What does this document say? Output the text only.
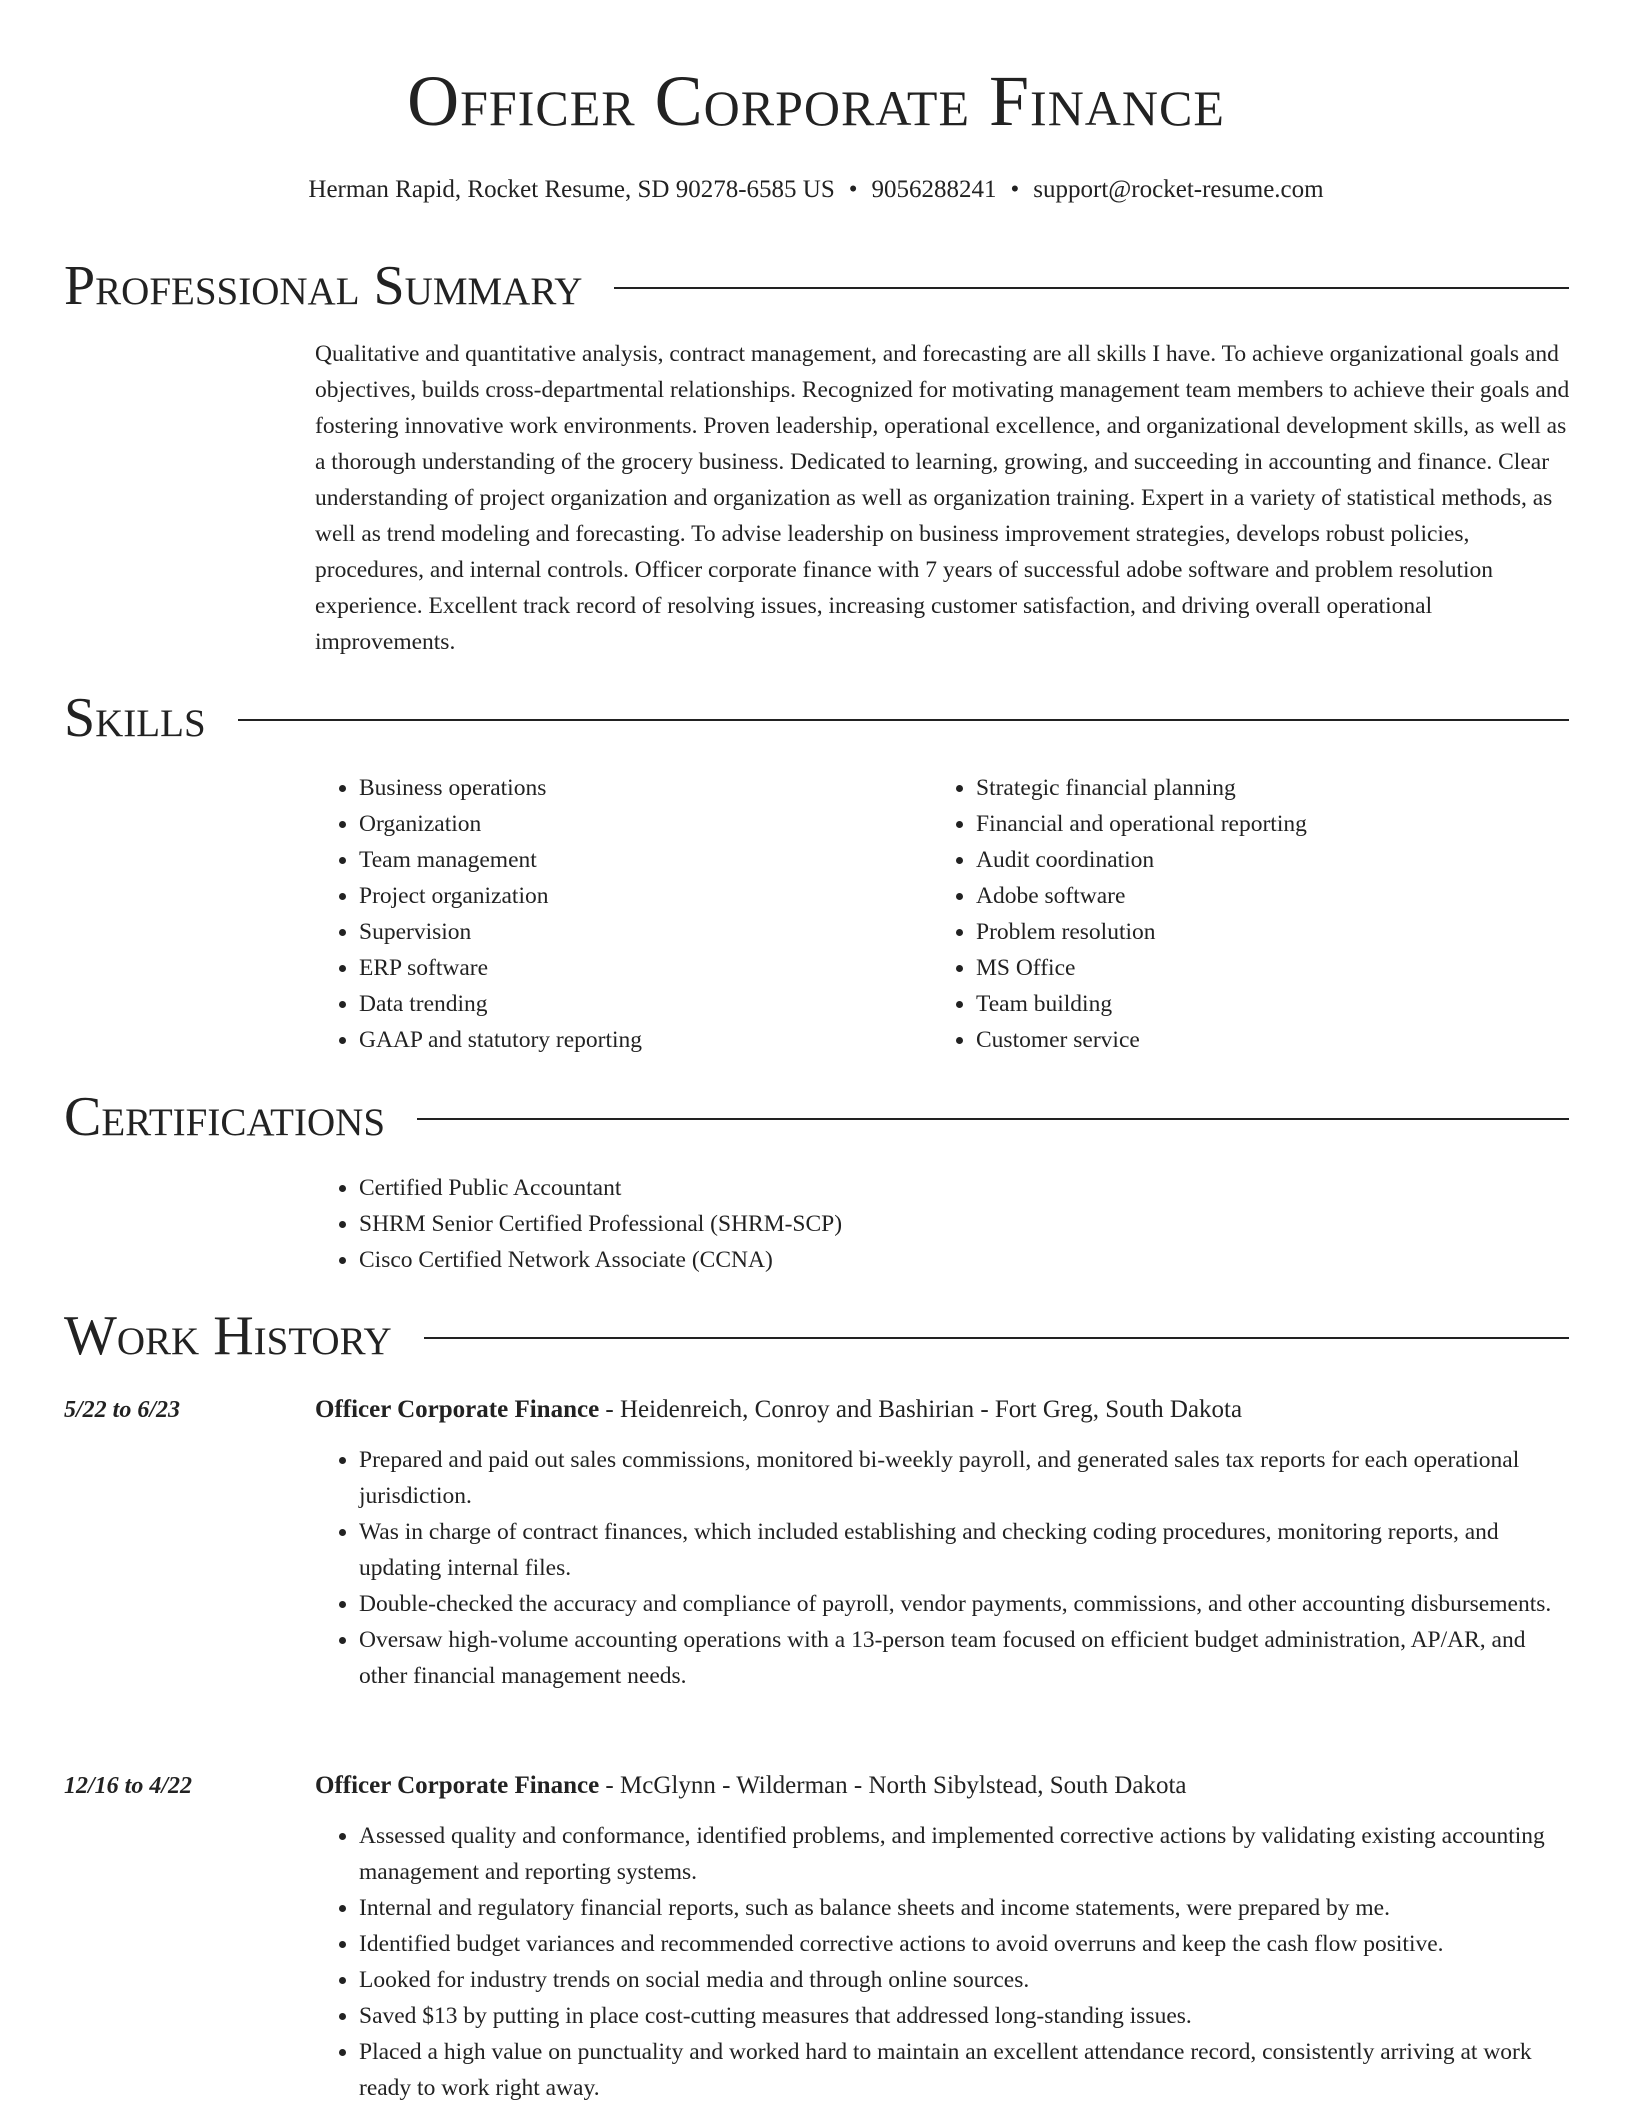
Officer Corporate Finance
Herman Rapid, Rocket Resume, SD 90278-6585 US • 9056288241 • support@rocket-resume.com
Professional Summary

Qualitative and quantitative analysis, contract management, and forecasting are all skills I have. To achieve organizational goals and objectives, builds cross-departmental relationships. Recognized for motivating management team members to achieve their goals and fostering innovative work environments. Proven leadership, operational excellence, and organizational development skills, as well as a thorough understanding of the grocery business. Dedicated to learning, growing, and succeeding in accounting and finance. Clear understanding of project organization and organization as well as organization training. Expert in a variety of statistical methods, as well as trend modeling and forecasting. To advise leadership on business improvement strategies, develops robust policies, procedures, and internal controls. Officer corporate finance with 7 years of successful adobe software and problem resolution experience. Excellent track record of resolving issues, increasing customer satisfaction, and driving overall operational improvements.

Skills
• Business operations
• Organization
• Team management
• Project organization
• Supervision
• ERP software
• Data trending
• GAAP and statutory reporting
• Strategic financial planning
• Financial and operational reporting
• Audit coordination
• Adobe software
• Problem resolution
• MS Office
• Team building
• Customer service
Certifications
• Certified Public Accountant
• SHRM Senior Certified Professional (SHRM-SCP)
• Cisco Certified Network Associate (CCNA)
Work History
5/22 to 6/23	Officer Corporate Finance - Heidenreich, Conroy and Bashirian - Fort Greg, South Dakota
• Prepared and paid out sales commissions, monitored bi-weekly payroll, and generated sales tax reports for each operational jurisdiction.
• Was in charge of contract finances, which included establishing and checking coding procedures, monitoring reports, and updating internal files.
• Double-checked the accuracy and compliance of payroll, vendor payments, commissions, and other accounting disbursements.
• Oversaw high-volume accounting operations with a 13-person team focused on efficient budget administration, AP/AR, and other financial management needs.
12/16 to 4/22	Officer Corporate Finance - McGlynn - Wilderman - North Sibylstead, South Dakota
• Assessed quality and conformance, identified problems, and implemented corrective actions by validating existing accounting management and reporting systems.
• Internal and regulatory financial reports, such as balance sheets and income statements, were prepared by me.
• Identified budget variances and recommended corrective actions to avoid overruns and keep the cash flow positive.
• Looked for industry trends on social media and through online sources.
• Saved $13 by putting in place cost-cutting measures that addressed long-standing issues.
• Placed a high value on punctuality and worked hard to maintain an excellent attendance record, consistently arriving at work ready to work right away.
